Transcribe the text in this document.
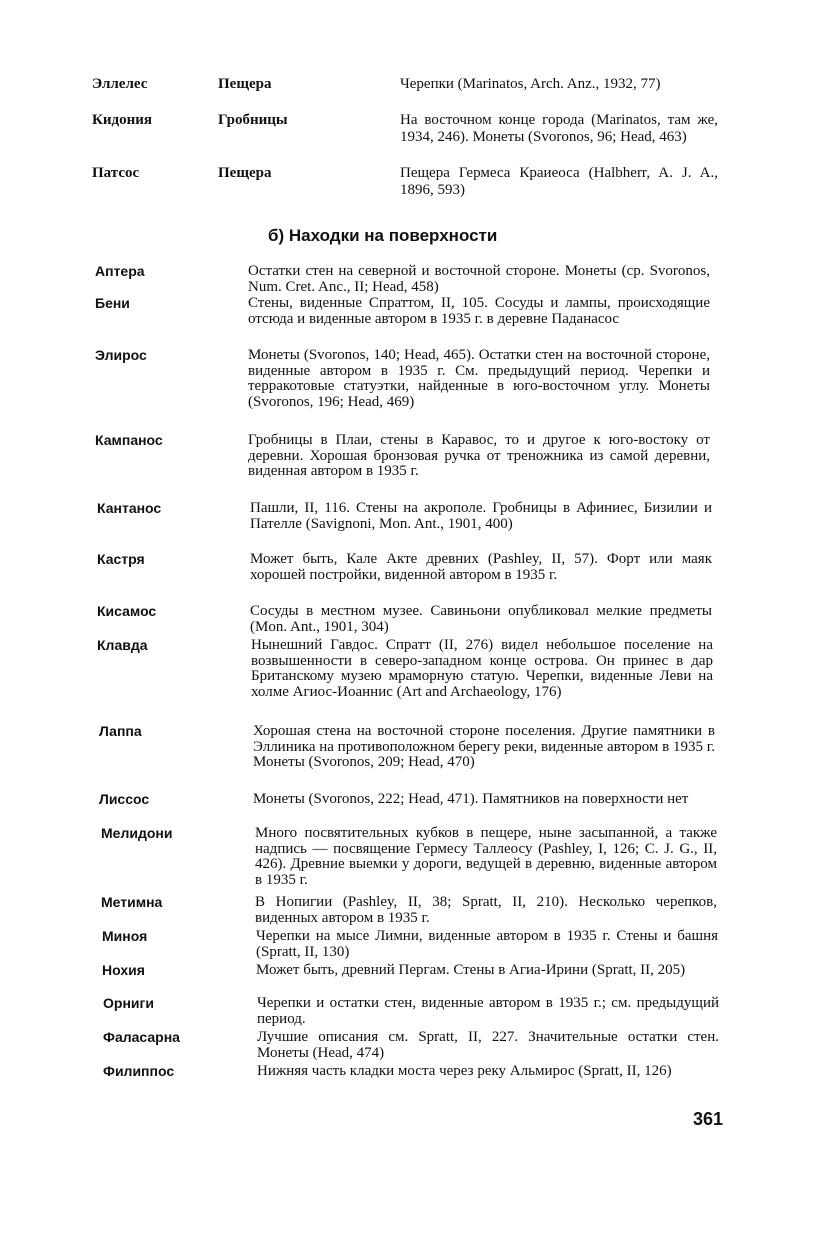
Эллелес	Пещера	Черепки (Marinatos, Arch. Anz., 1932, 77)
Кидония	Гробницы	На восточном конце города (Marinatos, там же, 1934, 246). Монеты (Svoronos, 96; Head, 463)
Патсос	Пещера	Пещера Гермеса Краиеоса (Halbherr, A. J. A., 1896, 593)
б) Находки на поверхности
Аптера	Остатки стен на северной и восточной стороне. Монеты (ср. Svoronos, Num. Cret. Anc., II; Head, 458)
Бени	Стены, виденные Спраттом, II, 105. Сосуды и лампы, происходящие отсюда и виденные автором в 1935 г. в деревне Паданасос
Элирос	Монеты (Svoronos, 140; Head, 465). Остатки стен на восточной стороне, виденные автором в 1935 г. См. предыдущий период. Черепки и терракотовые статуэтки, найденные в юго-восточном углу. Монеты (Svoronos, 196; Head, 469)
Кампанос	Гробницы в Плаи, стены в Каравос, то и другое к юго-востоку от деревни. Хорошая бронзовая ручка от треножника из самой деревни, виденная автором в 1935 г.
Кантанос	Пашли, II, 116. Стены на акрополе. Гробницы в Афиниес, Бизилии и Пателле (Savignoni, Mon. Ant., 1901, 400)
Кастря	Может быть, Кале Акте древних (Pashley, II, 57). Форт или маяк хорошей постройки, виденной автором в 1935 г.
Кисамос	Сосуды в местном музее. Савиньони опубликовал мелкие предметы (Mon. Ant., 1901, 304)
Клавда	Нынешний Гавдос. Спратт (II, 276) видел небольшое поселение на возвышенности в северо-западном конце острова. Он принес в дар Британскому музею мраморную статую. Черепки, виденные Леви на холме Агиос-Иоаннис (Art and Archaeology, 176)
Лаппа	Хорошая стена на восточной стороне поселения. Другие памятники в Эллиника на противоположном берегу реки, виденные автором в 1935 г. Монеты (Svoronos, 209; Head, 470)
Лиссос	Монеты (Svoronos, 222; Head, 471). Памятников на поверхности нет
Мелидони	Много посвятительных кубков в пещере, ныне засыпанной, а также надпись — посвящение Гермесу Таллеосу (Pashley, I, 126; C. J. G., II, 426). Древние выемки у дороги, ведущей в деревню, виденные автором в 1935 г.
Метимна	В Нопигии (Pashley, II, 38; Spratt, II, 210). Несколько черепков, виденных автором в 1935 г.
Миноя	Черепки на мысе Лимни, виденные автором в 1935 г. Стены и башня (Spratt, II, 130)
Нохия	Может быть, древний Пергам. Стены в Агиа-Ирини (Spratt, II, 205)
Орниги	Черепки и остатки стен, виденные автором в 1935 г.; см. предыдущий период.
Фаласарна	Лучшие описания см. Spratt, II, 227. Значительные остатки стен. Монеты (Head, 474)
Филиппос	Нижняя часть кладки моста через реку Альмирос (Spratt, II, 126)
361
